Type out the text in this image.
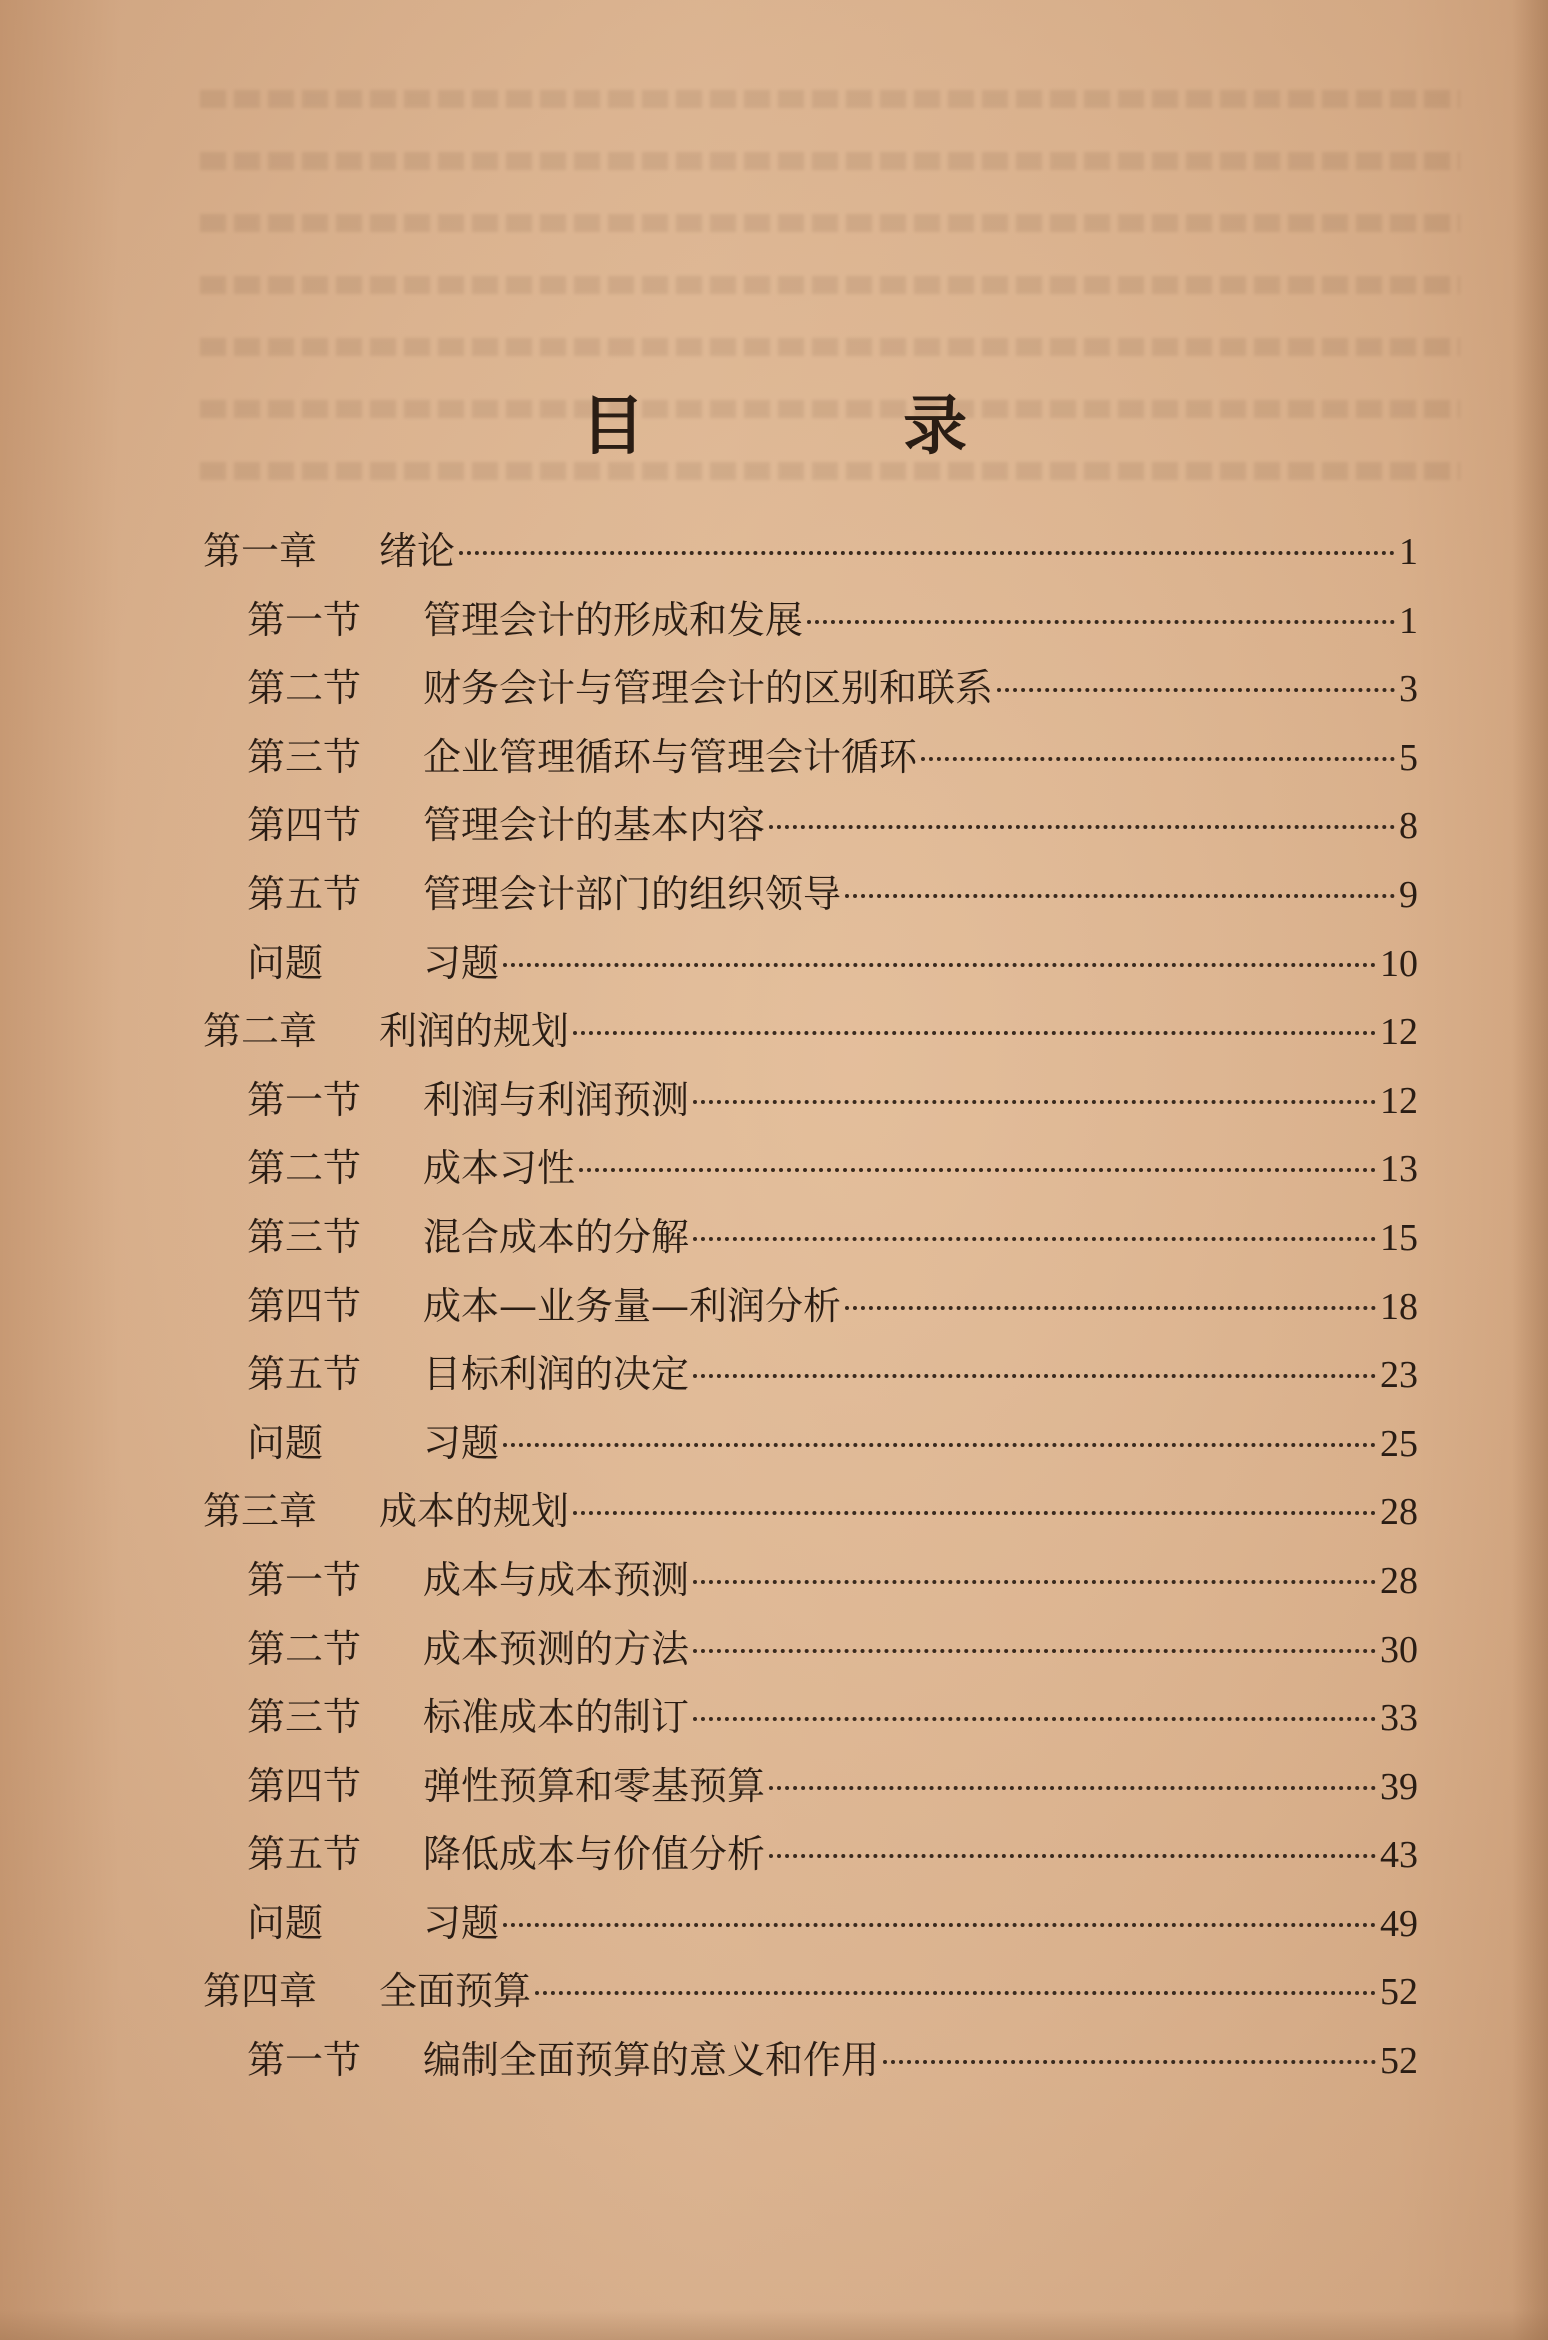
目 录
第一章	绪论	1
第一节	管理会计的形成和发展	1
第二节	财务会计与管理会计的区别和联系	3
第三节	企业管理循环与管理会计循环	5
第四节	管理会计的基本内容	8
第五节	管理会计部门的组织领导	9
问题	习题	10
第二章	利润的规划	12
第一节	利润与利润预测	12
第二节	成本习性	13
第三节	混合成本的分解	15
第四节	成本—业务量—利润分析	18
第五节	目标利润的决定	23
问题	习题	25
第三章	成本的规划	28
第一节	成本与成本预测	28
第二节	成本预测的方法	30
第三节	标准成本的制订	33
第四节	弹性预算和零基预算	39
第五节	降低成本与价值分析	43
问题	习题	49
第四章	全面预算	52
第一节	编制全面预算的意义和作用	52
